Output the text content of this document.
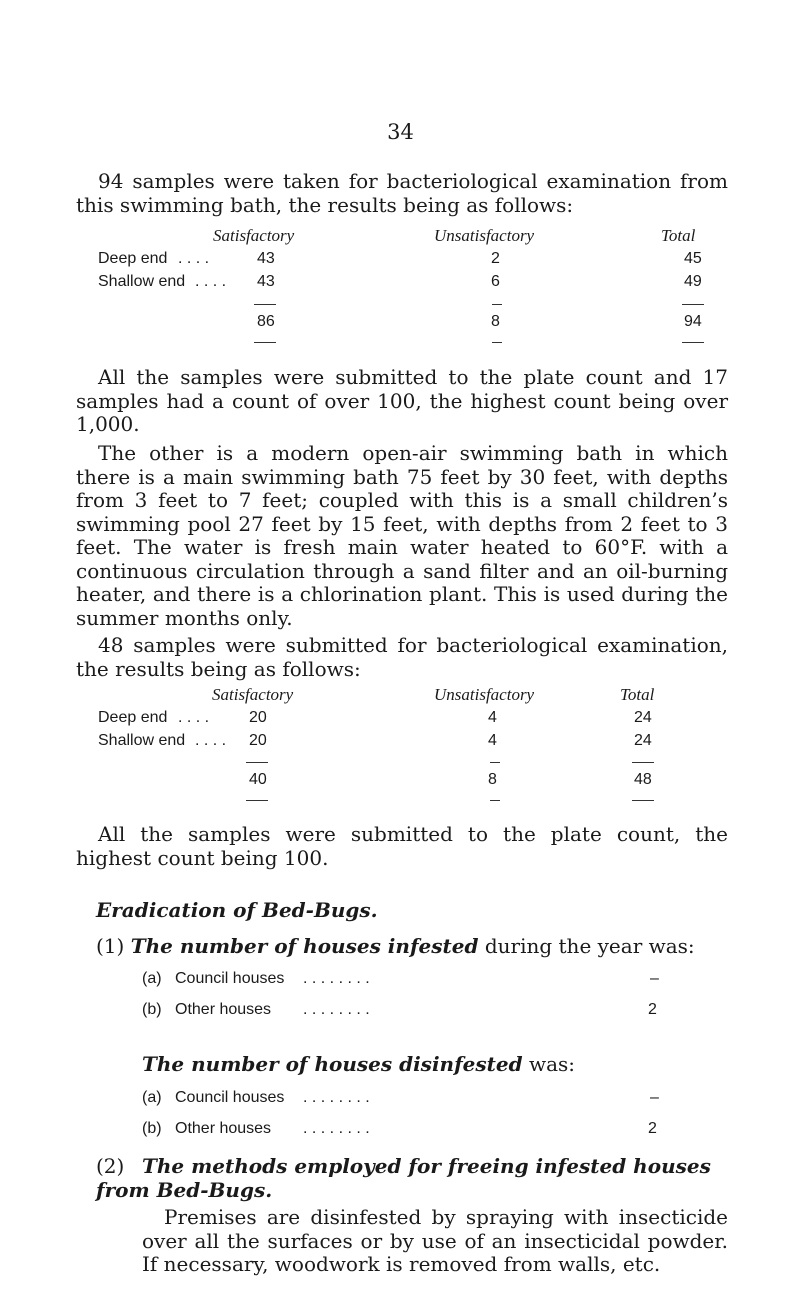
34
94 samples were taken for bacteriological examination from this swimming bath, the results being as follows:
Satisfactory	Unsatisfactory	Total
Deep end . . . .	43	2	45
Shallow end . . . . 43	6	49
86	8	94
All the samples were submitted to the plate count and 17 samples had a count of over 100, the highest count being over 1,000.
The other is a modern open-air swimming bath in which there is a main swimming bath 75 feet by 30 feet, with depths from 3 feet to 7 feet; coupled with this is a small children’s swimming pool 27 feet by 15 feet, with depths from 2 feet to 3 feet. The water is fresh main water heated to 60°F. with a continuous circulation through a sand filter and an oil-burning heater, and there is a chlorination plant. This is used during the summer months only.
48 samples were submitted for bacteriological examination, the results being as follows:
Satisfactory	Unsatisfactory	Total
Deep end . . . . 20	4	24
Shallow end . . . . 20	4	24
40	8	48
All the samples were submitted to the plate count, the highest count being 100.
Eradication of Bed-Bugs.
(1) The number of houses infested during the year was:
(a) Council houses . . . . . . . .	–
(b) Other houses . . . . . . . .	2
The number of houses disinfested was:
(a) Council houses . . . . . . . .	–
(b) Other houses . . . . . . . .	2
(2) The methods employed for freeing infested houses from Bed-Bugs.
Premises are disinfested by spraying with insecticide over all the surfaces or by use of an insecticidal powder. If necessary, woodwork is removed from walls, etc.
